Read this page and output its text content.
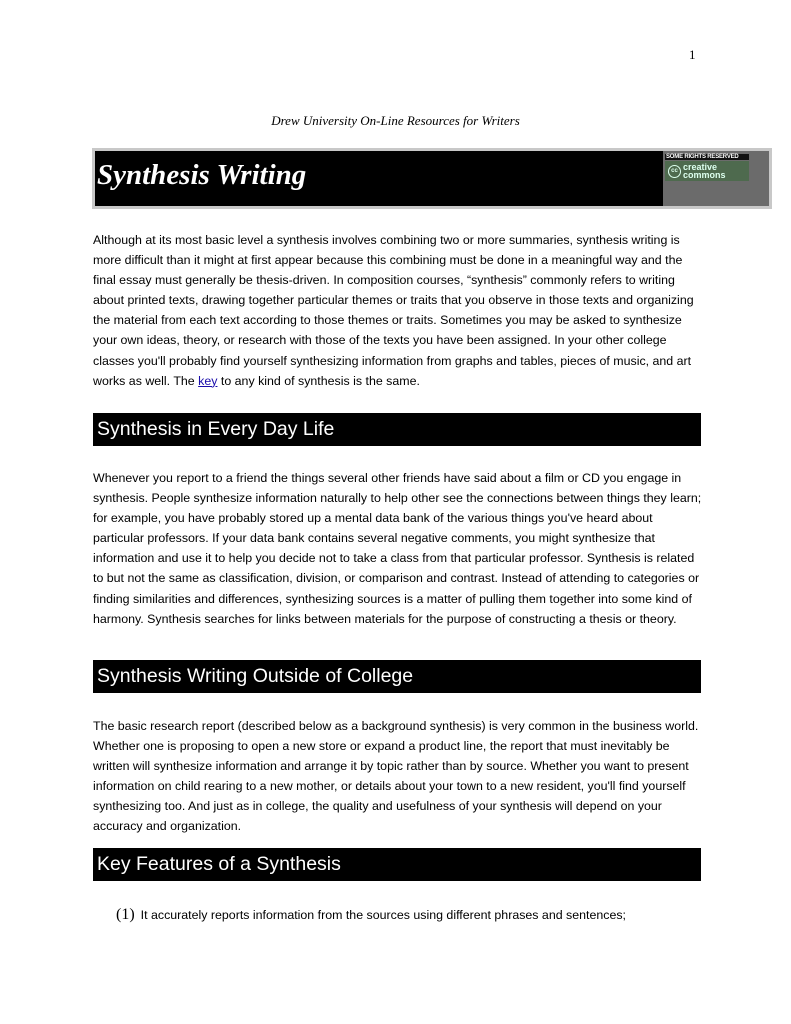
1
Drew University On-Line Resources for Writers
Synthesis Writing
SOME RIGHTS RESERVED
cc creative
commons
Although at its most basic level a synthesis involves combining two or more summaries, synthesis writing is more difficult than it might at first appear because this combining must be done in a meaningful way and the final essay must generally be thesis-driven. In composition courses, “synthesis” commonly refers to writing about printed texts, drawing together particular themes or traits that you observe in those texts and organizing the material from each text according to those themes or traits. Sometimes you may be asked to synthesize your own ideas, theory, or research with those of the texts you have been assigned. In your other college classes you'll probably find yourself synthesizing information from graphs and tables, pieces of music, and art works as well. The key to any kind of synthesis is the same.
Synthesis in Every Day Life
Whenever you report to a friend the things several other friends have said about a film or CD you engage in synthesis. People synthesize information naturally to help other see the connections between things they learn; for example, you have probably stored up a mental data bank of the various things you've heard about particular professors. If your data bank contains several negative comments, you might synthesize that information and use it to help you decide not to take a class from that particular professor. Synthesis is related to but not the same as classification, division, or comparison and contrast. Instead of attending to categories or finding similarities and differences, synthesizing sources is a matter of pulling them together into some kind of harmony. Synthesis searches for links between materials for the purpose of constructing a thesis or theory.
Synthesis Writing Outside of College
The basic research report (described below as a background synthesis) is very common in the business world. Whether one is proposing to open a new store or expand a product line, the report that must inevitably be written will synthesize information and arrange it by topic rather than by source. Whether you want to present information on child rearing to a new mother, or details about your town to a new resident, you'll find yourself synthesizing too. And just as in college, the quality and usefulness of your synthesis will depend on your accuracy and organization.
Key Features of a Synthesis
(1) It accurately reports information from the sources using different phrases and sentences;
